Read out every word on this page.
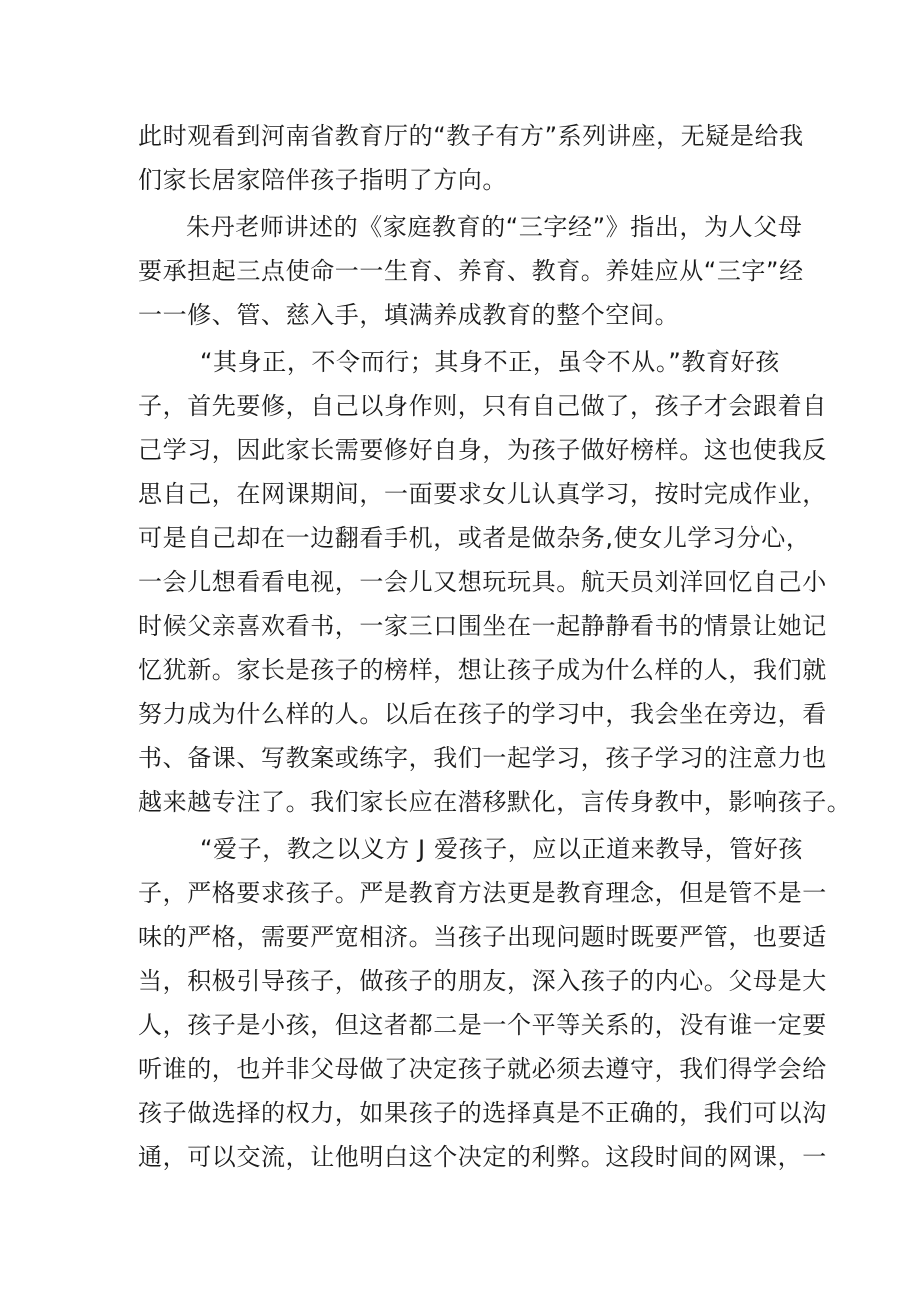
此时观看到河南省教育厅的“教子有方”系列讲座，无疑是给我
们家长居家陪伴孩子指明了方向。
朱丹老师讲述的《家庭教育的“三字经”》指出，为人父母
要承担起三点使命一一生育、养育、教育。养娃应从“三字”经
一一修、管、慈入手，填满养成教育的整个空间。
“其身正，不令而行；其身不正，虽令不从。”教育好孩
子，首先要修，自己以身作则，只有自己做了，孩子才会跟着自
己学习，因此家长需要修好自身，为孩子做好榜样。这也使我反
思自己，在网课期间，一面要求女儿认真学习，按时完成作业，
可是自己却在一边翻看手机，或者是做杂务,使女儿学习分心，
一会儿想看看电视，一会儿又想玩玩具。航天员刘洋回忆自己小
时候父亲喜欢看书，一家三口围坐在一起静静看书的情景让她记
忆犹新。家长是孩子的榜样，想让孩子成为什么样的人，我们就
努力成为什么样的人。以后在孩子的学习中，我会坐在旁边，看
书、备课、写教案或练字，我们一起学习，孩子学习的注意力也
越来越专注了。我们家长应在潜移默化，言传身教中，影响孩子。
“爱子，教之以义方 J 爱孩子，应以正道来教导，管好孩
子，严格要求孩子。严是教育方法更是教育理念，但是管不是一
味的严格，需要严宽相济。当孩子出现问题时既要严管，也要适
当，积极引导孩子，做孩子的朋友，深入孩子的内心。父母是大
人，孩子是小孩，但这者都二是一个平等关系的，没有谁一定要
听谁的，也并非父母做了决定孩子就必须去遵守，我们得学会给
孩子做选择的权力，如果孩子的选择真是不正确的，我们可以沟
通，可以交流，让他明白这个决定的利弊。这段时间的网课，一
